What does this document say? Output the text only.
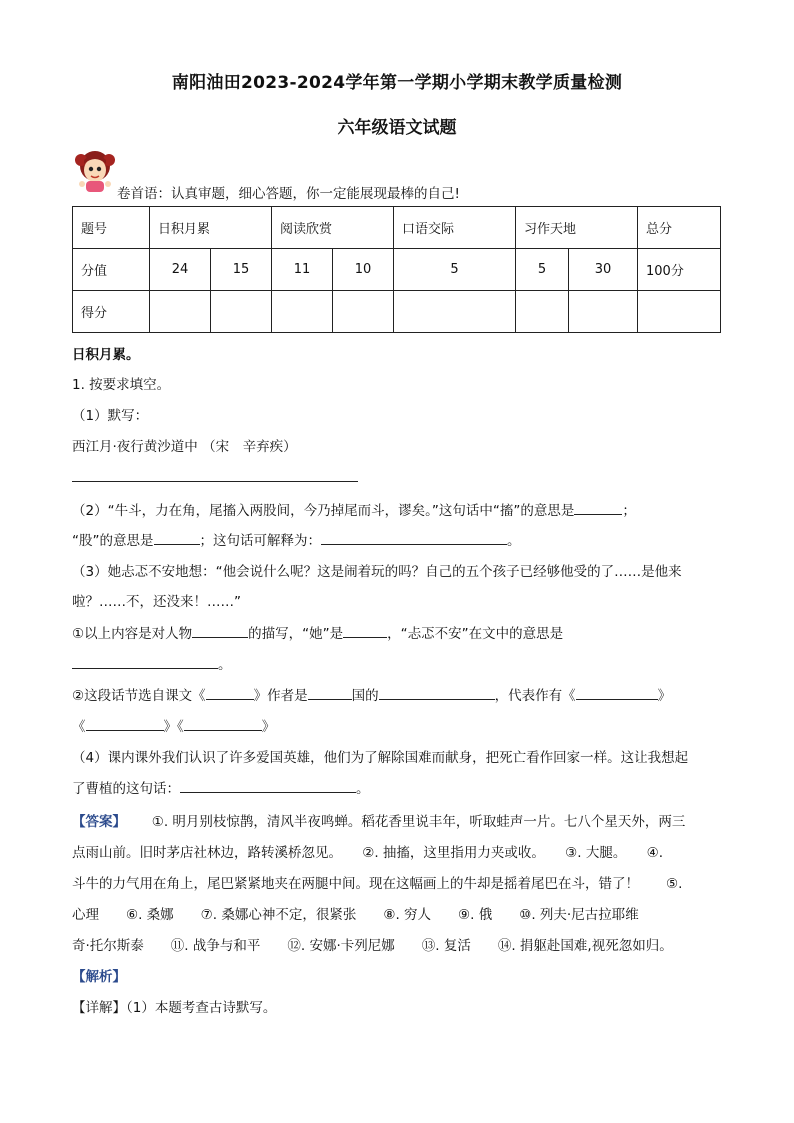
南阳油田2023-2024学年第一学期小学期末教学质量检测
六年级语文试题
卷首语：认真审题，细心答题，你一定能展现最棒的自己!
题号	日积月累		阅读欣赏		口语交际	习作天地		总分
分值	24	15	11	10	5	5	30	100分
得分								
日积月累。
1. 按要求填空。
（1）默写：
西江月·夜行黄沙道中 （宋　辛弃疾）
（2）“牛斗，力在角，尾搐入两股间，今乃掉尾而斗，谬矣。”这句话中“搐”的意思是	；
“股”的意思是	；这句话可解释为：	。
（3）她忐忑不安地想：“他会说什么呢？这是闹着玩的吗？自己的五个孩子已经够他受的了……是他来
啦？……不，还没来！……”
①以上内容是对人物	的描写，“她”是	，“忐忑不安”在文中的意思是
。
②这段话节选自课文《	》作者是	国的	，代表作有《	》
《	》《	》
（4）课内课外我们认识了许多爱国英雄，他们为了解除国难而献身，把死亡看作回家一样。这让我想起
了曹植的这句话：	。
【答案】 ①. 明月别枝惊鹊，清风半夜鸣蝉。稻花香里说丰年，听取蛙声一片。七八个星天外，两三
点雨山前。旧时茅店社林边，路转溪桥忽见。　　②. 抽搐，这里指用力夹或收。　　③. 大腿。　　④.
斗牛的力气用在角上，尾巴紧紧地夹在两腿中间。现在这幅画上的牛却是摇着尾巴在斗，错了！　　⑤.
心理　　⑥. 桑娜　　⑦. 桑娜心神不定，很紧张　　⑧. 穷人　　⑨. 俄　　⑩. 列夫·尼古拉耶维
奇·托尔斯泰　　⑪. 战争与和平　　⑫. 安娜·卡列尼娜　　⑬. 复活　　⑭. 捐躯赴国难,视死忽如归。
【解析】
【详解】（1）本题考查古诗默写。
